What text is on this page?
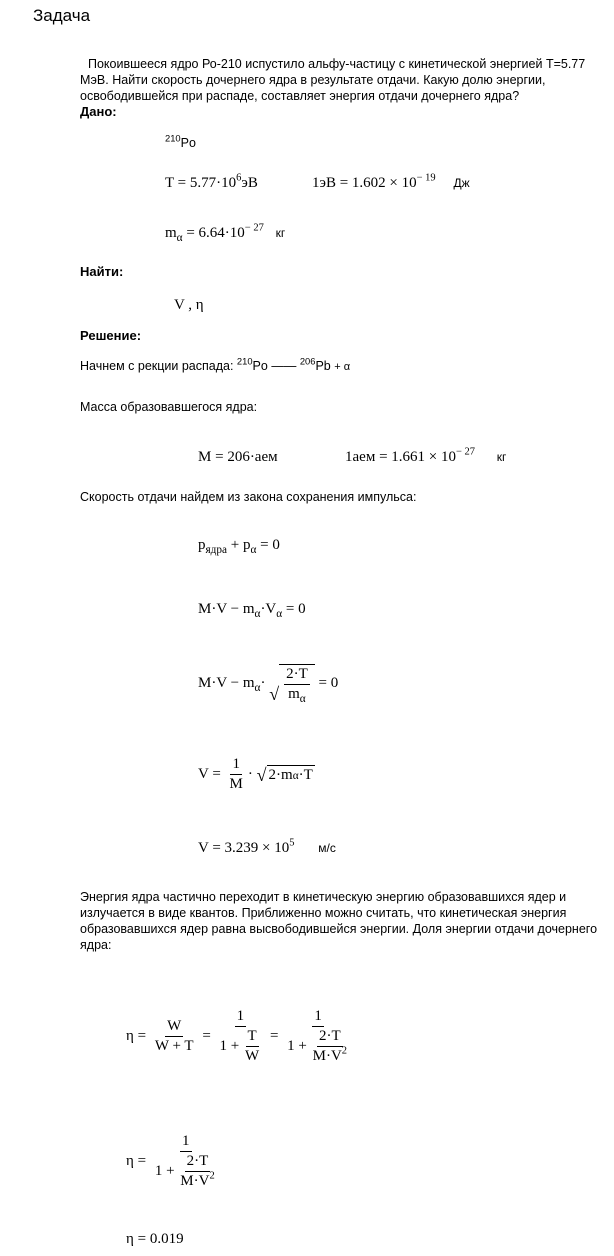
Задача
Покоившееся ядро Ро-210 испустило альфу-частицу с кинетической энергией Т=5.77 МэВ. Найти скорость дочернего ядра в результате отдачи. Какую долю энергии, освободившейся при распаде, составляет энергия отдачи дочернего ядра?
Дано:
$^{210}$Po
$T = 5.77\cdot 10^6эВ$	$1эВ = 1.602 \times 10^{- 19}$ Дж
$m_\alpha = 6.64\cdot 10^{- 27}$ кг
Найти:
V , η
Решение:
Начнем с рекции распада: $^{210}$Po —— $^{206}$Pb + α
Масса образовавшегося ядра:
M = 206·аем	$1аем = 1.661 \times 10^{- 27}$ кг
Скорость отдачи найдем из закона сохранения импульса:
$p_{ядра} + p_\alpha = 0$
$M\cdot V - m_\alpha\cdot V_\alpha = 0$
$M\cdot V - m_\alpha\cdot$
√ $\frac{2\cdot T}{m_\alpha} = 0$
$V = \frac{1}{M}$ · √ 2·m α ·T
$V = 3.239 \times 10^5$ м/с
Энергия ядра частично переходит в кинетическую энергию образовавшихся ядер и излучается в виде квантов. Приближенно можно считать, что кинетическая энергия образовавшихся ядер равна высвободившейся энергии. Доля энергии отдачи дочернего ядра:
$\eta = \frac{W}{W + T} = \frac{1}{1 + \frac{T}{W}} = \frac{1}{1 + \frac{2\cdot T}{M\cdot V^2}}$
$\eta = \frac{1}{1 + \frac{2\cdot T}{M\cdot V^2}}$
η = 0.019
